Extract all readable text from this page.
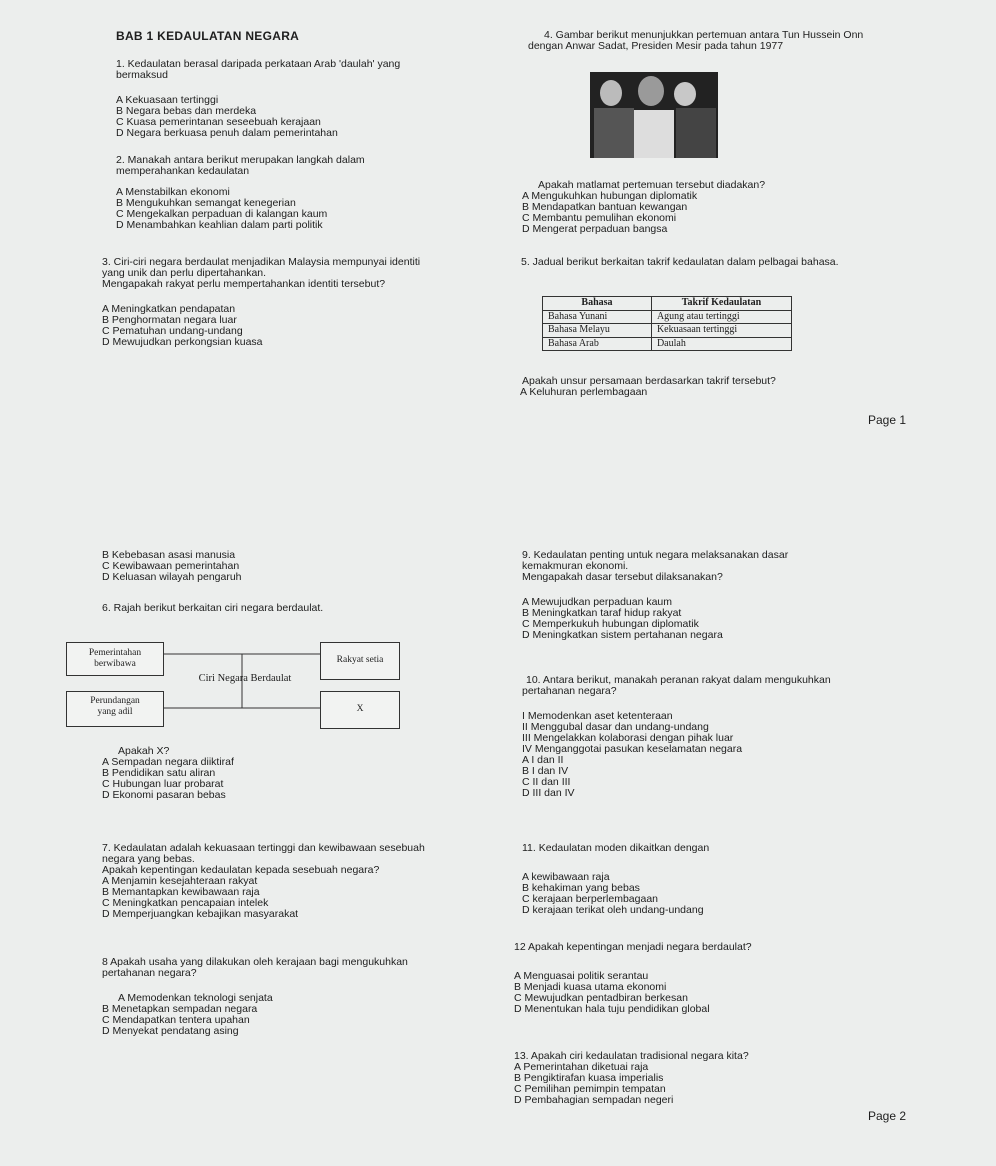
BAB 1 KEDAULATAN NEGARA
1. Kedaulatan berasal daripada perkataan Arab 'daulah' yang
bermaksud
A Kekuasaan tertinggi
B Negara bebas dan merdeka
C Kuasa pemerintanan seseebuah kerajaan
D Negara berkuasa penuh dalam pemerintahan
2. Manakah antara berikut merupakan langkah dalam
memperahankan kedaulatan
A Menstabilkan ekonomi
B Mengukuhkan semangat kenegerian
C Mengekalkan perpaduan di kalangan kaum
D Menambahkan keahlian dalam parti politik
3. Ciri-ciri negara berdaulat menjadikan Malaysia mempunyai identiti
yang unik dan perlu dipertahankan.
Mengapakah rakyat perlu mempertahankan identiti tersebut?
A Meningkatkan pendapatan
B Penghormatan negara luar
C Pematuhan undang-undang
D Mewujudkan perkongsian kuasa
4. Gambar berikut menunjukkan pertemuan antara Tun Hussein Onn
dengan Anwar Sadat, Presiden Mesir pada tahun 1977
Apakah matlamat pertemuan tersebut diadakan?
A Mengukuhkan hubungan diplomatik
B Mendapatkan bantuan kewangan
C Membantu pemulihan ekonomi
D Mengerat perpaduan bangsa
5. Jadual berikut berkaitan takrif kedaulatan dalam pelbagai bahasa.
Bahasa	Takrif Kedaulatan
Bahasa Yunani	Agung atau tertinggi
Bahasa Melayu	Kekuasaan tertinggi
Bahasa Arab	Daulah
Apakah unsur persamaan berdasarkan takrif tersebut?
A Keluhuran perlembagaan
Page 1
B Kebebasan asasi manusia
C Kewibawaan pemerintahan
D Keluasan wilayah pengaruh
6. Rajah berikut berkaitan ciri negara berdaulat.
Pemerintahan
berwibawa	Rakyat setia
Ciri Negara Berdaulat
Perundangan
yang adil	X
Apakah X?
A Sempadan negara diiktiraf
B Pendidikan satu aliran
C Hubungan luar probarat
D Ekonomi pasaran bebas
7. Kedaulatan adalah kekuasaan tertinggi dan kewibawaan sesebuah
negara yang bebas.
Apakah kepentingan kedaulatan kepada sesebuah negara?
A Menjamin kesejahteraan rakyat
B Memantapkan kewibawaan raja
C Meningkatkan pencapaian intelek
D Memperjuangkan kebajikan masyarakat
8 Apakah usaha yang dilakukan oleh kerajaan bagi mengukuhkan
pertahanan negara?
A Memodenkan teknologi senjata
B Menetapkan sempadan negara
C Mendapatkan tentera upahan
D Menyekat pendatang asing
9. Kedaulatan penting untuk negara melaksanakan dasar
kemakmuran ekonomi.
Mengapakah dasar tersebut dilaksanakan?
A Mewujudkan perpaduan kaum
B Meningkatkan taraf hidup rakyat
C Memperkukuh hubungan diplomatik
D Meningkatkan sistem pertahanan negara
10. Antara berikut, manakah peranan rakyat dalam mengukuhkan
pertahanan negara?
I Memodenkan aset ketenteraan
II Menggubal dasar dan undang-undang
III Mengelakkan kolaborasi dengan pihak luar
IV Menganggotai pasukan keselamatan negara
A I dan II
B I dan IV
C II dan III
D III dan IV
11. Kedaulatan moden dikaitkan dengan
A kewibawaan raja
B kehakiman yang bebas
C kerajaan berperlembagaan
D kerajaan terikat oleh undang-undang
12 Apakah kepentingan menjadi negara berdaulat?
A Menguasai politik serantau
B Menjadi kuasa utama ekonomi
C Mewujudkan pentadbiran berkesan
D Menentukan hala tuju pendidikan global
13. Apakah ciri kedaulatan tradisional negara kita?
A Pemerintahan diketuai raja
B Pengiktirafan kuasa imperialis
C Pemilihan pemimpin tempatan
D Pembahagian sempadan negeri
Page 2
